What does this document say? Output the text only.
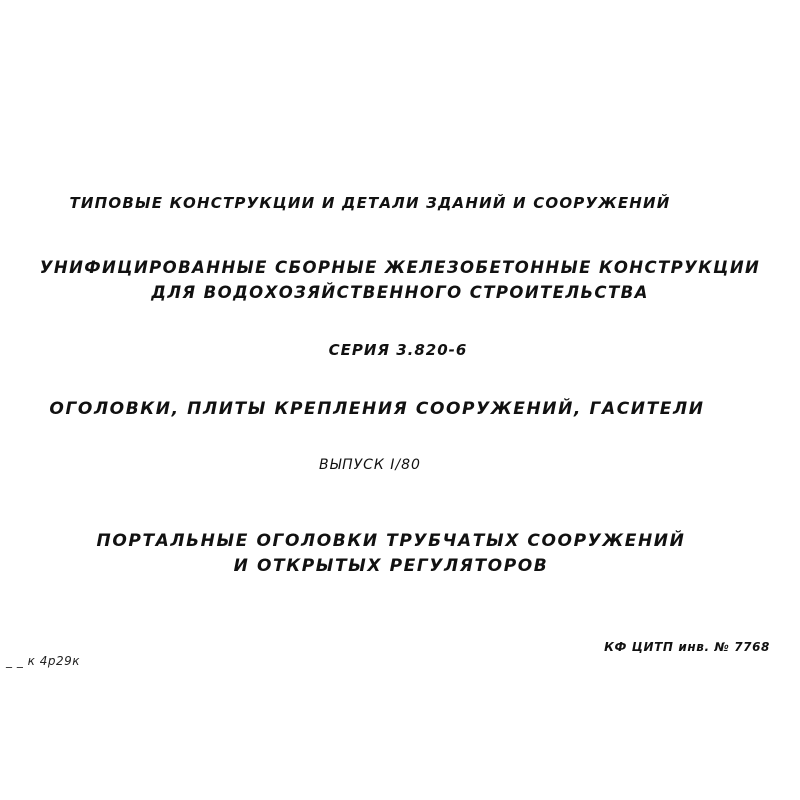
ТИПОВЫЕ КОНСТРУКЦИИ И ДЕТАЛИ ЗДАНИЙ И СООРУЖЕНИЙ
УНИФИЦИРОВАННЫЕ СБОРНЫЕ ЖЕЛЕЗОБЕТОННЫЕ КОНСТРУКЦИИ
ДЛЯ ВОДОХОЗЯЙСТВЕННОГО СТРОИТЕЛЬСТВА
СЕРИЯ 3.820-6
ОГОЛОВКИ, ПЛИТЫ КРЕПЛЕНИЯ СООРУЖЕНИЙ, ГАСИТЕЛИ
ВЫПУСК I/80
ПОРТАЛЬНЫЕ ОГОЛОВКИ ТРУБЧАТЫХ СООРУЖЕНИЙ
И ОТКРЫТЫХ РЕГУЛЯТОРОВ
КФ ЦИТП инв. № 7768
_ _ к 4р29к
